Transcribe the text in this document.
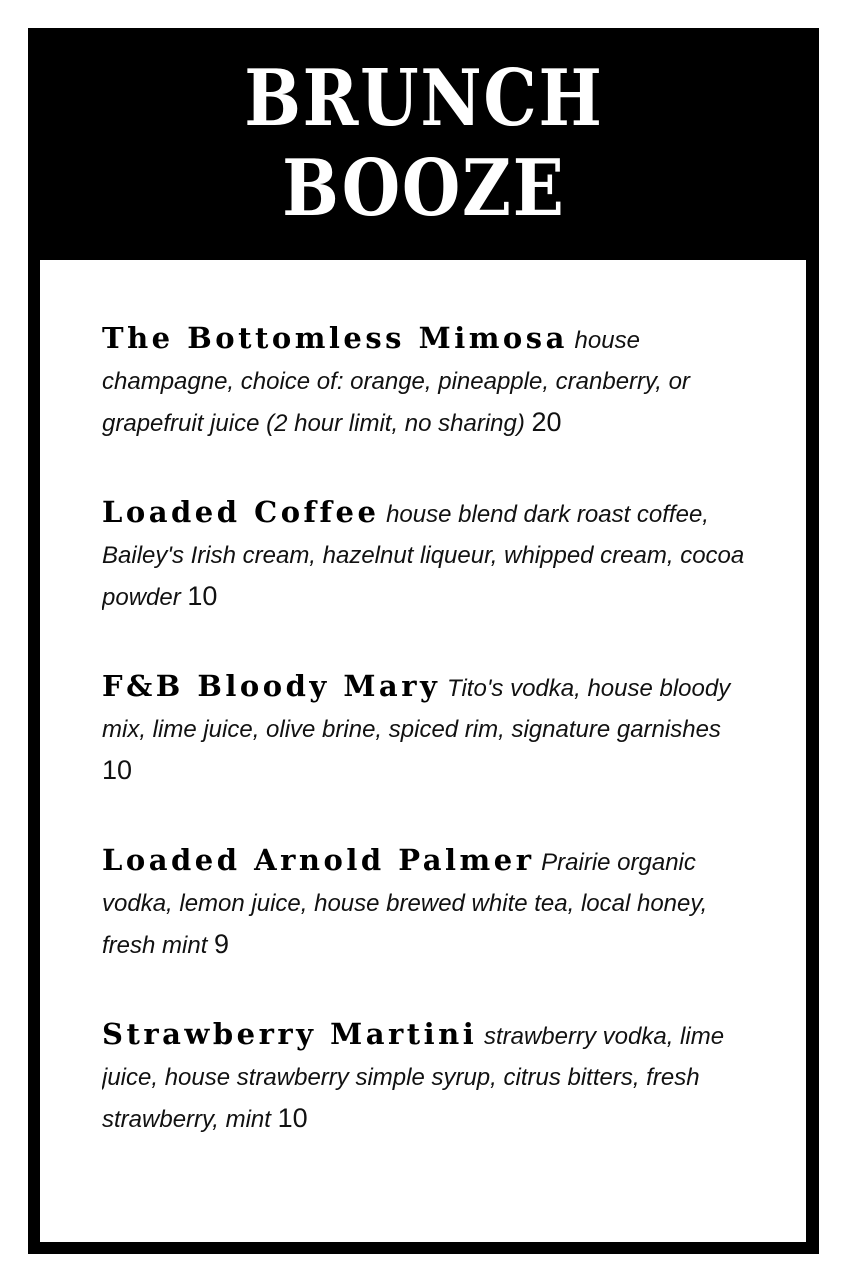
BRUNCH
BOOZE
The Bottomless Mimosa house champagne, choice of: orange, pineapple, cranberry, or grapefruit juice (2 hour limit, no sharing) 20
Loaded Coffee house blend dark roast coffee, Bailey's Irish cream, hazelnut liqueur, whipped cream, cocoa powder 10
F&B Bloody Mary Tito's vodka, house bloody mix, lime juice, olive brine, spiced rim, signature garnishes 10
Loaded Arnold Palmer Prairie organic vodka, lemon juice, house brewed white tea, local honey, fresh mint 9
Strawberry Martini strawberry vodka, lime juice, house strawberry simple syrup, citrus bitters, fresh strawberry, mint 10
